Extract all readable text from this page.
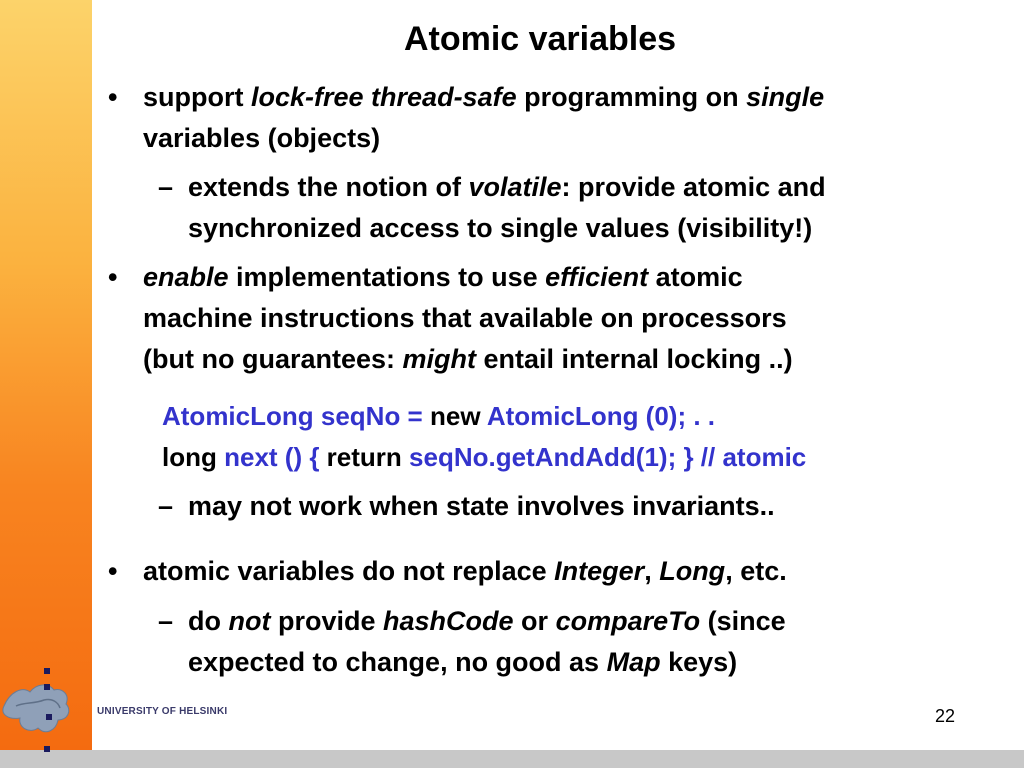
UNIVERSITY OF HELSINKI
Atomic variables
• support lock-free thread-safe programming on single
variables (objects)
– extends the notion of volatile: provide atomic and
synchronized access to single values (visibility!)
• enable implementations to use efficient atomic
machine instructions that available on processors
(but no guarantees: might entail internal locking ..)
AtomicLong seqNo = new AtomicLong (0); . .
long next () { return seqNo.getAndAdd(1); } // atomic
– may not work when state involves invariants..
• atomic variables do not replace Integer, Long, etc.
– do not provide hashCode or compareTo (since
expected to change, no good as Map keys)
22
